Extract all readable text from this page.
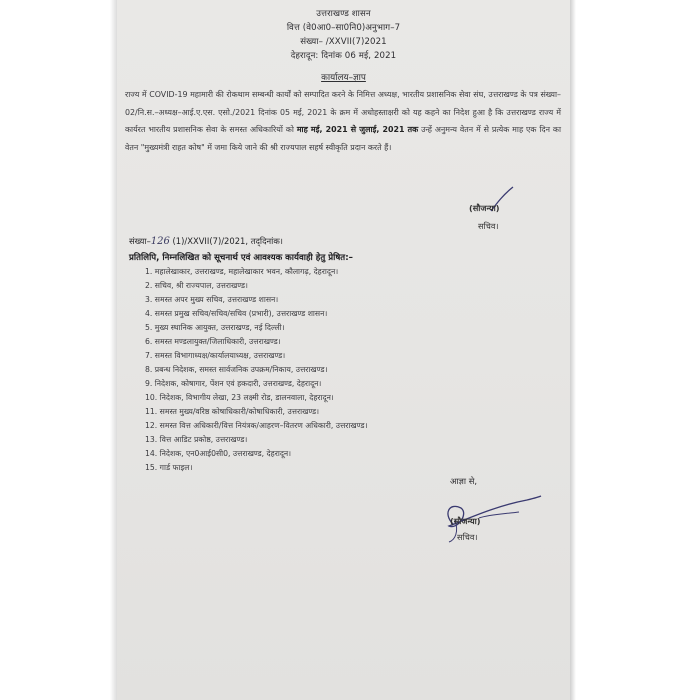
उत्तराखण्ड शासन
वित्त (वे0आ0–सा0नि0)अनुभाग–7
संख्या– /XXVII(7)2021
देहरादून: दिनांक 06 मई, 2021
कार्यालय–ज्ञाप
राज्य में COVID-19 महामारी की रोकथाम सम्बन्धी कार्यों को सम्पादित करने के निमित्त अध्यक्ष, भारतीय प्रशासनिक सेवा संघ, उत्तराखण्ड के पत्र संख्या–02/नि.स.–अध्यक्ष–आई.ए.एस. एसो./2021 दिनांक 05 मई, 2021 के क्रम में अधोहस्ताक्षरी को यह कहने का निदेश हुआ है कि उत्तराखण्ड राज्य में कार्यरत भारतीय प्रशासनिक सेवा के समस्त अधिकारियों को माह मई, 2021 से जुलाई, 2021 तक उन्हें अनुमन्य वेतन में से प्रत्येक माह एक दिन का वेतन "मुख्यमंत्री राहत कोष" में जमा किये जाने की श्री राज्यपाल सहर्ष स्वीकृति प्रदान करते हैं।
(सौजन्या)
सचिव।
संख्या–126 (1)/XXVII(7)/2021, तद्‌दिनांक।
प्रतिलिपि, निम्नलिखित को सूचनार्थ एवं आवश्यक कार्यवाही हेतु प्रेषित:–
1. महालेखाकार, उत्तराखण्ड, महालेखाकार भवन, कौलागढ़, देहरादून।
2. सचिव, श्री राज्यपाल, उत्तराखण्ड।
3. समस्त अपर मुख्य सचिव, उत्तराखण्ड शासन।
4. समस्त प्रमुख सचिव/सचिव/सचिव (प्रभारी), उत्तराखण्ड शासन।
5. मुख्य स्थानिक आयुक्त, उत्तराखण्ड, नई दिल्ली।
6. समस्त मण्डलायुक्त/जिलाधिकारी, उत्तराखण्ड।
7. समस्त विभागाध्यक्ष/कार्यालयाध्यक्ष, उत्तराखण्ड।
8. प्रबन्ध निदेशक, समस्त सार्वजनिक उपक्रम/निकाय, उत्तराखण्ड।
9. निदेशक, कोषागार, पेंशन एवं हकदारी, उत्तराखण्ड, देहरादून।
10. निदेशक, विभागीय लेखा, 23 लक्ष्मी रोड, डालनवाला, देहरादून।
11. समस्त मुख्य/वरिष्ठ कोषाधिकारी/कोषाधिकारी, उत्तराखण्ड।
12. समस्त वित्त अधिकारी/वित्त नियंत्रक/आहरण–वितरण अधिकारी, उत्तराखण्ड।
13. वित्त आडिट प्रकोष्ठ, उत्तराखण्ड।
14. निदेशक, एन0आई0सी0, उत्तराखण्ड, देहरादून।
15. गार्ड फाइल।
आज्ञा से,
(सौजन्या)
सचिव।
